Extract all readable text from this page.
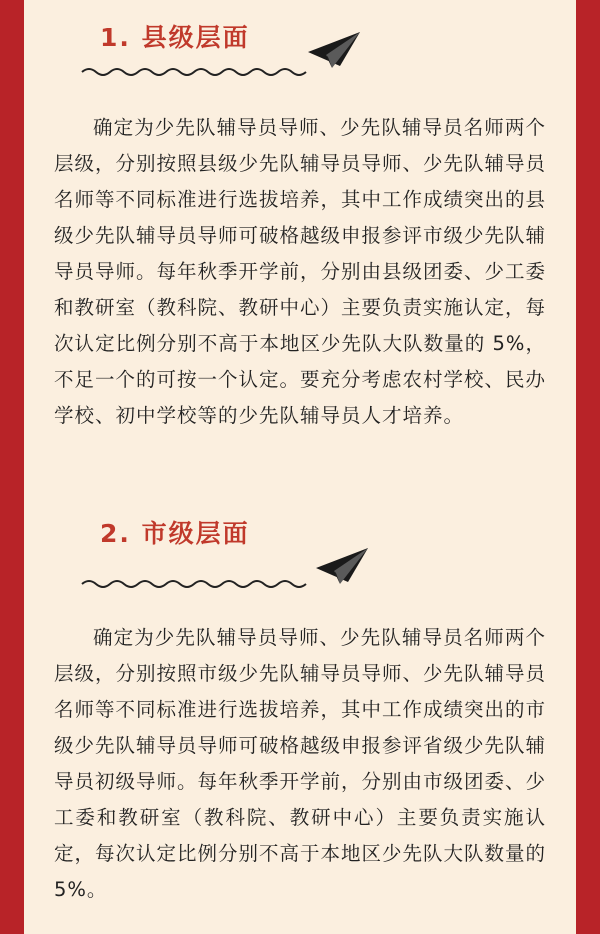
1. 县级层面

确定为少先队辅导员导师、少先队辅导员名师两个层级，分别按照县级少先队辅导员导师、少先队辅导员名师等不同标准进行选拔培养，其中工作成绩突出的县级少先队辅导员导师可破格越级申报参评市级少先队辅导员导师。每年秋季开学前，分别由县级团委、少工委和教研室（教科院、教研中心）主要负责实施认定，每次认定比例分别不高于本地区少先队大队数量的 5%，不足一个的可按一个认定。要充分考虑农村学校、民办学校、初中学校等的少先队辅导员人才培养。

2. 市级层面

确定为少先队辅导员导师、少先队辅导员名师两个层级，分别按照市级少先队辅导员导师、少先队辅导员名师等不同标准进行选拔培养，其中工作成绩突出的市级少先队辅导员导师可破格越级申报参评省级少先队辅导员初级导师。每年秋季开学前，分别由市级团委、少工委和教研室（教科院、教研中心）主要负责实施认定，每次认定比例分别不高于本地区少先队大队数量的 5%。
